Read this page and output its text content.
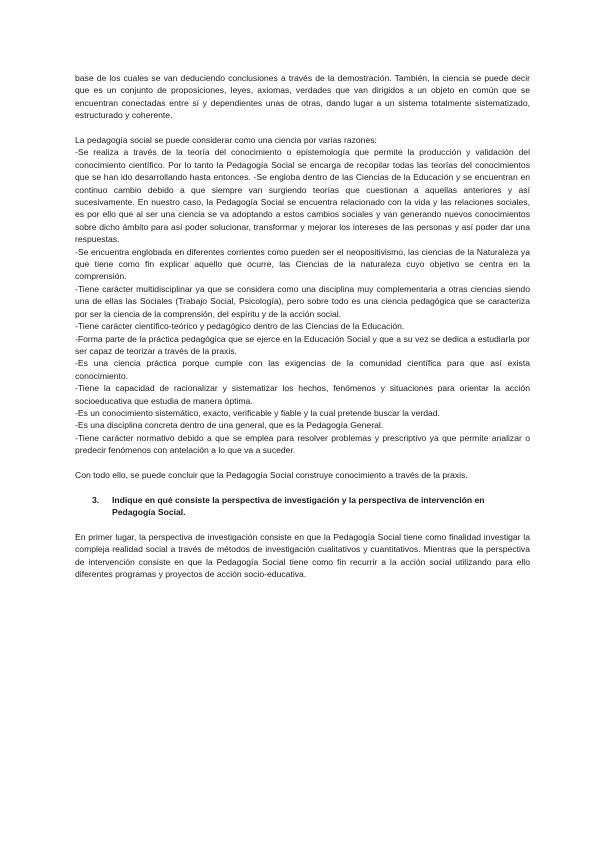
base de los cuales se van deduciendo conclusiones a través de la demostración. También, la ciencia se puede decir que es un conjunto de proposiciones, leyes, axiomas, verdades que van dirigidos a un objeto en común que se encuentran conectadas entre sí y dependientes unas de otras, dando lugar a un sistema totalmente sistematizado, estructurado y coherente.

La pedagogía social se puede considerar como una ciencia por varias razones:

-Se realiza a través de la teoría del conocimiento o epistemología que permite la producción y validación del conocimiento científico. Por lo tanto la Pedagogía Social se encarga de recopilar todas las teorías del conocimientos que se han ido desarrollando hasta entonces. -Se engloba dentro de las Ciencias de la Educación y se encuentran en continuo cambio debido a que siempre van surgiendo teorías que cuestionan a aquellas anteriores y así sucesivamente. En nuestro caso, la Pedagogía Social se encuentra relacionado con la vida y las relaciones sociales, es por ello que al ser una ciencia se va adoptando a estos cambios sociales y van generando nuevos conocimientos sobre dicho ámbito para así poder solucionar, transformar y mejorar los intereses de las personas y así poder dar una respuestas.

-Se encuentra englobada en diferentes corrientes como pueden ser el neopositivismo, las ciencias de la Naturaleza ya que tiene como fin explicar aquello que ocurre, las Ciencias de la naturaleza cuyo objetivo se centra en la comprensión.

-Tiene carácter multidisciplinar ya que se considera como una disciplina muy complementaria a otras ciencias siendo una de ellas las Sociales (Trabajo Social, Psicología), pero sobre todo es una ciencia pedagógica que se caracteriza por ser la ciencia de la comprensión, del espíritu y de la acción social.

-Tiene carácter científico-teórico y pedagógico dentro de las Ciencias de la Educación.

-Forma parte de la práctica pedagógica que se ejerce en la Educación Social y que a su vez se dedica a estudiarla por ser capaz de teorizar a través de la praxis.

-Es una ciencia práctica porque cumple con las exigencias de la comunidad científica para que así exista conocimiento.

-Tiene la capacidad de racionalizar y sistematizar los hechos, fenómenos y situaciones para orientar la acción socioeducativa que estudia de manera óptima.

-Es un conocimiento sistemático, exacto, verificable y fiable y la cual pretende buscar la verdad.

-Es una disciplina concreta dentro de una general, que es la Pedagogía General.

-Tiene carácter normativo debido a que se emplea para resolver problemas y prescriptivo ya que permite analizar o predecir fenómenos con antelación a lo que va a suceder.

Con todo ello, se puede concluir que la Pedagogía Social construye conocimiento a través de la praxis.

3.	Indique en qué consiste la perspectiva de investigación y la perspectiva de intervención en Pedagogía Social.

En primer lugar, la perspectiva de investigación consiste en que la Pedagogía Social tiene como finalidad investigar la compleja realidad social a través de métodos de investigación cualitativos y cuantitativos. Mientras que la perspectiva de intervención consiste en que la Pedagogía Social tiene como fin recurrir a la acción social utilizando para ello diferentes programas y proyectos de acción socio-educativa.
